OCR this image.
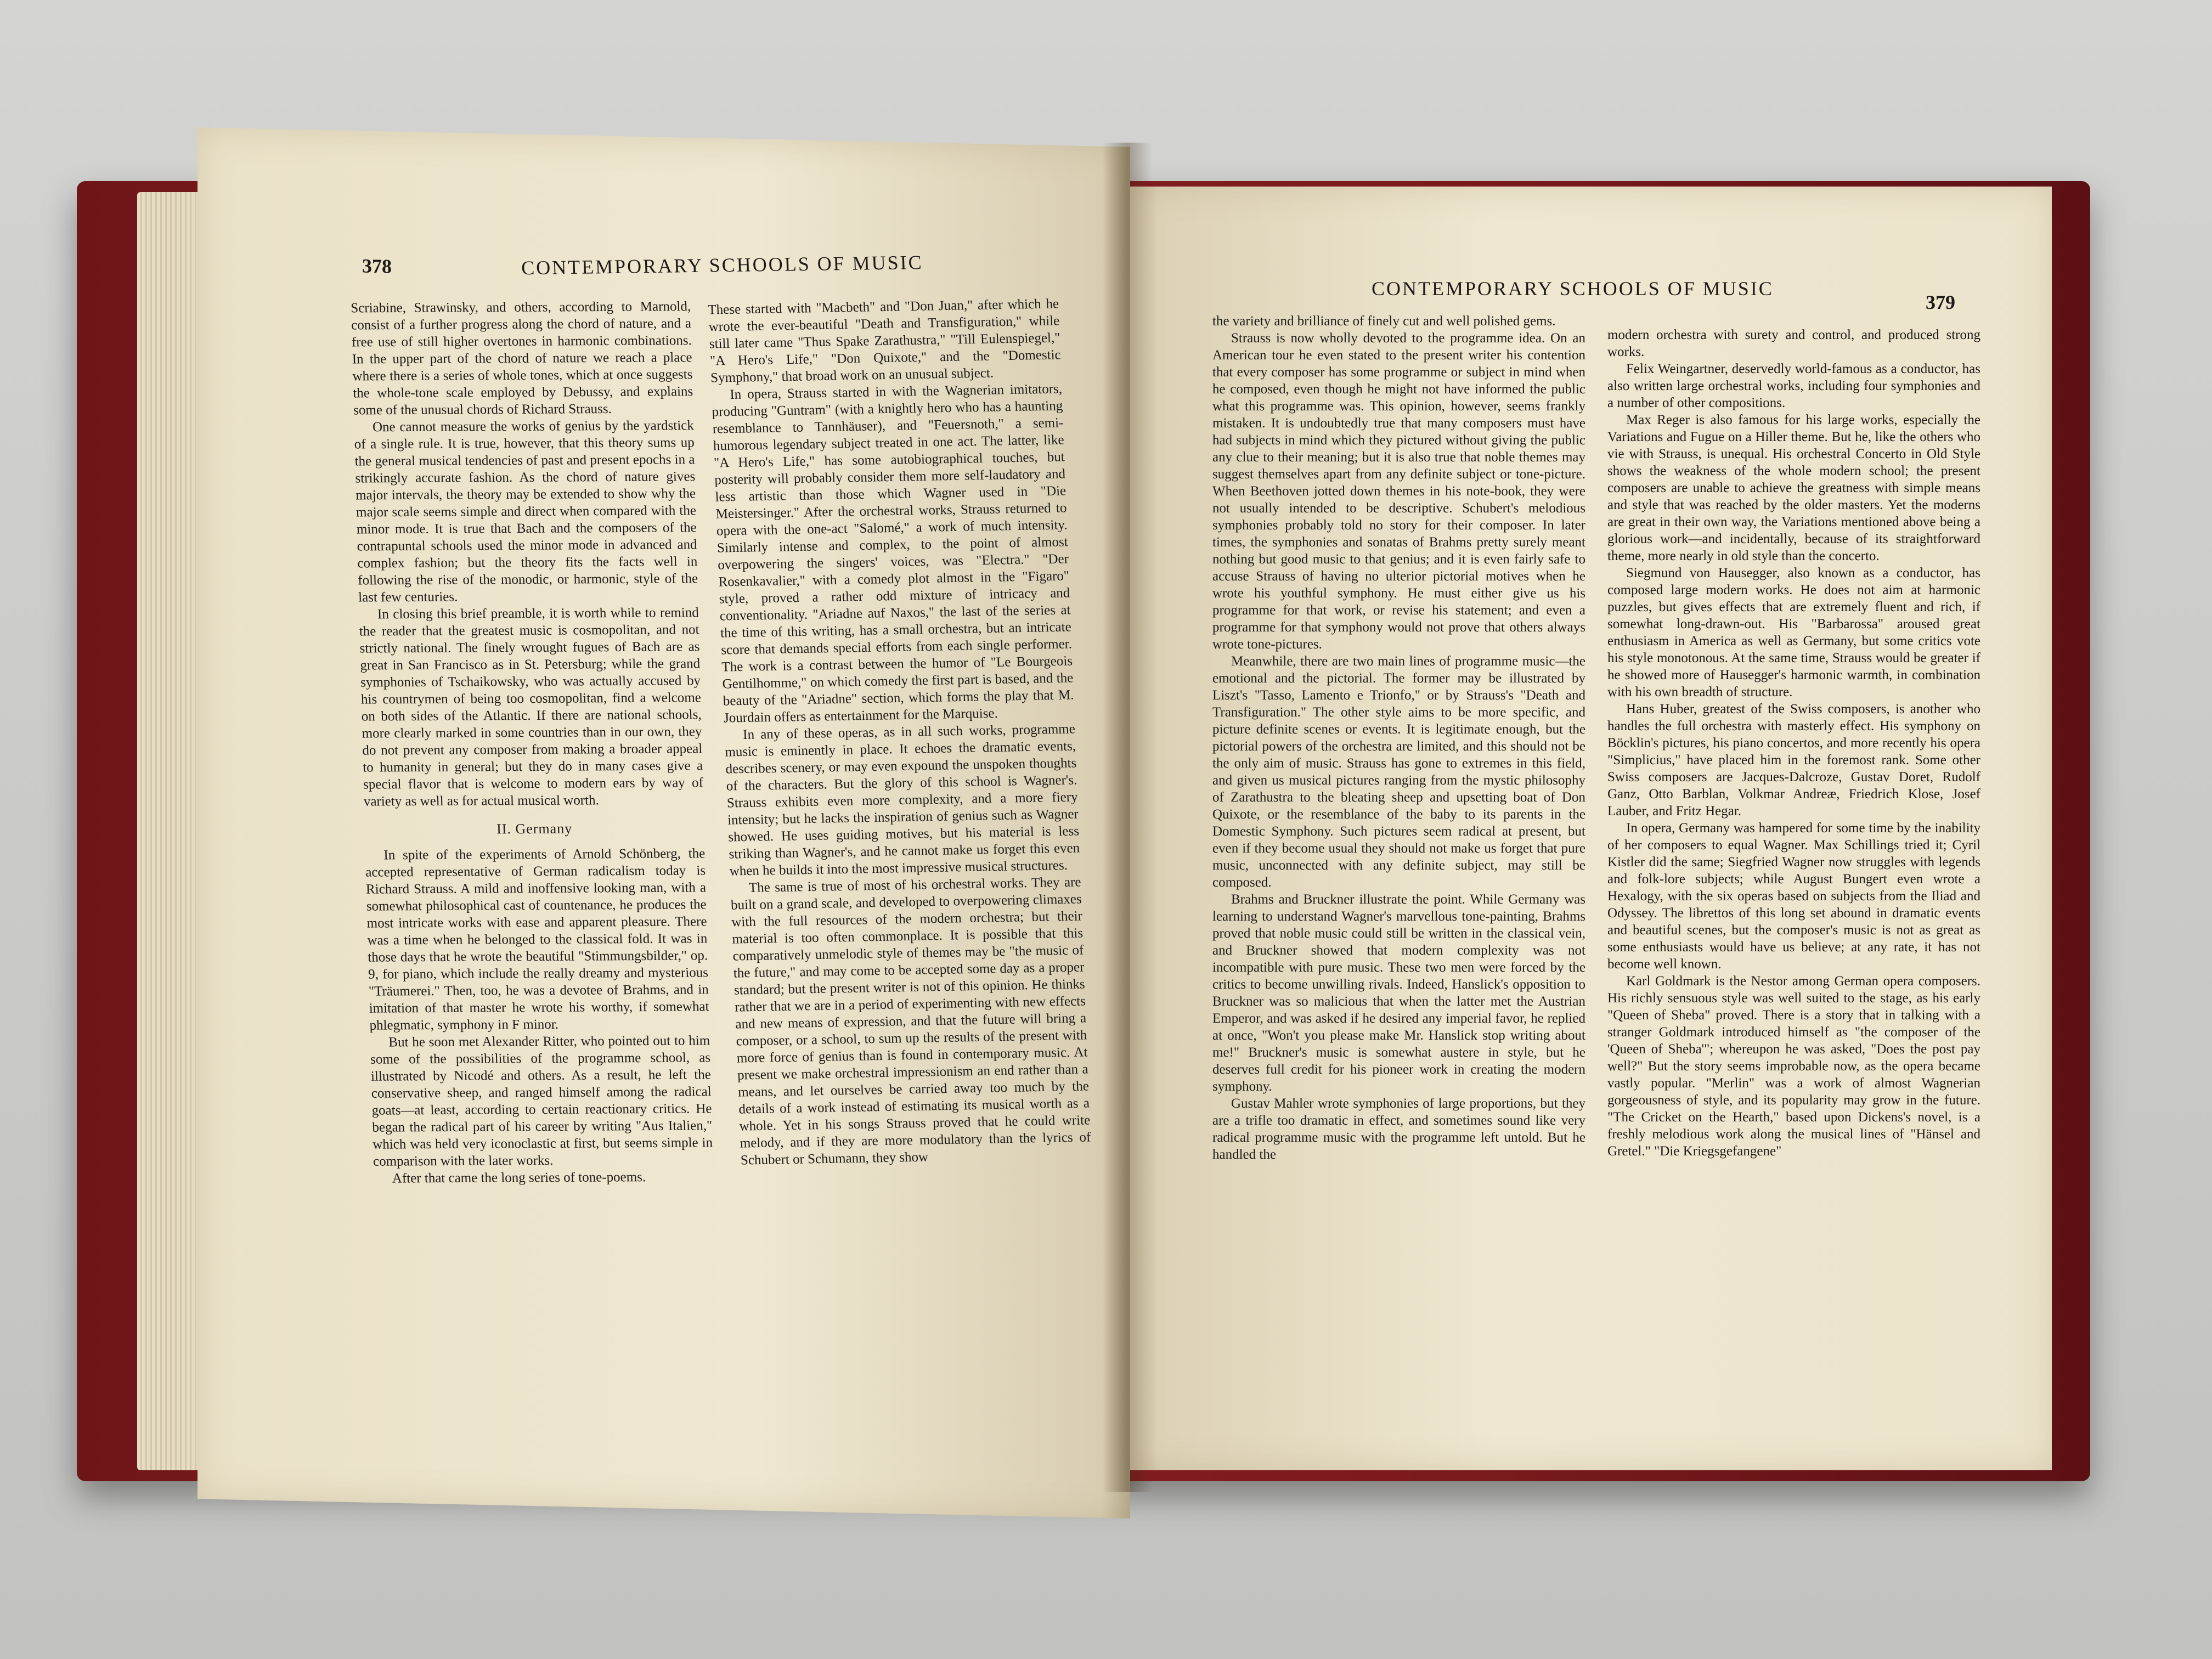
378	CONTEMPORARY SCHOOLS OF MUSIC

Scriabine, Strawinsky, and others, according to Marnold, consist of a further progress along the chord of nature, and a free use of still higher overtones in harmonic combinations. In the upper part of the chord of nature we reach a place where there is a series of whole tones, which at once suggests the whole-tone scale employed by Debussy, and explains some of the unusual chords of Richard Strauss.

One cannot measure the works of genius by the yardstick of a single rule. It is true, however, that this theory sums up the general musical tendencies of past and present epochs in a strikingly accurate fashion. As the chord of nature gives major intervals, the theory may be extended to show why the major scale seems simple and direct when compared with the minor mode. It is true that Bach and the composers of the contrapuntal schools used the minor mode in advanced and complex fashion; but the theory fits the facts well in following the rise of the monodic, or harmonic, style of the last few centuries.

In closing this brief preamble, it is worth while to remind the reader that the greatest music is cosmopolitan, and not strictly national. The finely wrought fugues of Bach are as great in San Francisco as in St. Petersburg; while the grand symphonies of Tschaikowsky, who was actually accused by his countrymen of being too cosmopolitan, find a welcome on both sides of the Atlantic. If there are national schools, more clearly marked in some countries than in our own, they do not prevent any composer from making a broader appeal to humanity in general; but they do in many cases give a special flavor that is welcome to modern ears by way of variety as well as for actual musical worth.

II. Germany

In spite of the experiments of Arnold Schönberg, the accepted representative of German radicalism today is Richard Strauss. A mild and inoffensive looking man, with a somewhat philosophical cast of countenance, he produces the most intricate works with ease and apparent pleasure. There was a time when he belonged to the classical fold. It was in those days that he wrote the beautiful "Stimmungsbilder," op. 9, for piano, which include the really dreamy and mysterious "Träumerei." Then, too, he was a devotee of Brahms, and in imitation of that master he wrote his worthy, if somewhat phlegmatic, symphony in F minor.

But he soon met Alexander Ritter, who pointed out to him some of the possibilities of the programme school, as illustrated by Nicodé and others. As a result, he left the conservative sheep, and ranged himself among the radical goats—at least, according to certain reactionary critics. He began the radical part of his career by writing "Aus Italien," which was held very iconoclastic at first, but seems simple in comparison with the later works.

After that came the long series of tone-poems.

These started with "Macbeth" and "Don Juan," after which he wrote the ever-beautiful "Death and Transfiguration," while still later came "Thus Spake Zarathustra," "Till Eulenspiegel," "A Hero's Life," "Don Quixote," and the "Domestic Symphony," that broad work on an unusual subject.

In opera, Strauss started in with the Wagnerian imitators, producing "Guntram" (with a knightly hero who has a haunting resemblance to Tannhäuser), and "Feuersnoth," a semi-humorous legendary subject treated in one act. The latter, like "A Hero's Life," has some autobiographical touches, but posterity will probably consider them more self-laudatory and less artistic than those which Wagner used in "Die Meistersinger." After the orchestral works, Strauss returned to opera with the one-act "Salomé," a work of much intensity. Similarly intense and complex, to the point of almost overpowering the singers' voices, was "Electra." "Der Rosenkavalier," with a comedy plot almost in the "Figaro" style, proved a rather odd mixture of intricacy and conventionality. "Ariadne auf Naxos," the last of the series at the time of this writing, has a small orchestra, but an intricate score that demands special efforts from each single performer. The work is a contrast between the humor of "Le Bourgeois Gentilhomme," on which comedy the first part is based, and the beauty of the "Ariadne" section, which forms the play that M. Jourdain offers as entertainment for the Marquise.

In any of these operas, as in all such works, programme music is eminently in place. It echoes the dramatic events, describes scenery, or may even expound the unspoken thoughts of the characters. But the glory of this school is Wagner's. Strauss exhibits even more complexity, and a more fiery intensity; but he lacks the inspiration of genius such as Wagner showed. He uses guiding motives, but his material is less striking than Wagner's, and he cannot make us forget this even when he builds it into the most impressive musical structures.

The same is true of most of his orchestral works. They are built on a grand scale, and developed to overpowering climaxes with the full resources of the modern orchestra; but their material is too often commonplace. It is possible that this comparatively unmelodic style of themes may be "the music of the future," and may come to be accepted some day as a proper standard; but the present writer is not of this opinion. He thinks rather that we are in a period of experimenting with new effects and new means of expression, and that the future will bring a composer, or a school, to sum up the results of the present with more force of genius than is found in contemporary music. At present we make orchestral impressionism an end rather than a means, and let ourselves be carried away too much by the details of a work instead of estimating its musical worth as a whole. Yet in his songs Strauss proved that he could write melody, and if they are more modulatory than the lyrics of Schubert or Schumann, they show

CONTEMPORARY SCHOOLS OF MUSIC
379

the variety and brilliance of finely cut and well polished gems.

Strauss is now wholly devoted to the programme idea. On an American tour he even stated to the present writer his contention that every composer has some programme or subject in mind when he composed, even though he might not have informed the public what this programme was. This opinion, however, seems frankly mistaken. It is undoubtedly true that many composers must have had subjects in mind which they pictured without giving the public any clue to their meaning; but it is also true that noble themes may suggest themselves apart from any definite subject or tone-picture. When Beethoven jotted down themes in his note-book, they were not usually intended to be descriptive. Schubert's melodious symphonies probably told no story for their composer. In later times, the symphonies and sonatas of Brahms pretty surely meant nothing but good music to that genius; and it is even fairly safe to accuse Strauss of having no ulterior pictorial motives when he wrote his youthful symphony. He must either give us his programme for that work, or revise his statement; and even a programme for that symphony would not prove that others always wrote tone-pictures.

Meanwhile, there are two main lines of programme music—the emotional and the pictorial. The former may be illustrated by Liszt's "Tasso, Lamento e Trionfo," or by Strauss's "Death and Transfiguration." The other style aims to be more specific, and picture definite scenes or events. It is legitimate enough, but the pictorial powers of the orchestra are limited, and this should not be the only aim of music. Strauss has gone to extremes in this field, and given us musical pictures ranging from the mystic philosophy of Zarathustra to the bleating sheep and upsetting boat of Don Quixote, or the resemblance of the baby to its parents in the Domestic Symphony. Such pictures seem radical at present, but even if they become usual they should not make us forget that pure music, unconnected with any definite subject, may still be composed.

Brahms and Bruckner illustrate the point. While Germany was learning to understand Wagner's marvellous tone-painting, Brahms proved that noble music could still be written in the classical vein, and Bruckner showed that modern complexity was not incompatible with pure music. These two men were forced by the critics to become unwilling rivals. Indeed, Hanslick's opposition to Bruckner was so malicious that when the latter met the Austrian Emperor, and was asked if he desired any imperial favor, he replied at once, "Won't you please make Mr. Hanslick stop writing about me!" Bruckner's music is somewhat austere in style, but he deserves full credit for his pioneer work in creating the modern symphony.

Gustav Mahler wrote symphonies of large proportions, but they are a trifle too dramatic in effect, and sometimes sound like very radical programme music with the programme left untold. But he handled the

modern orchestra with surety and control, and produced strong works.

Felix Weingartner, deservedly world-famous as a conductor, has also written large orchestral works, including four symphonies and a number of other compositions.

Max Reger is also famous for his large works, especially the Variations and Fugue on a Hiller theme. But he, like the others who vie with Strauss, is unequal. His orchestral Concerto in Old Style shows the weakness of the whole modern school; the present composers are unable to achieve the greatness with simple means and style that was reached by the older masters. Yet the moderns are great in their own way, the Variations mentioned above being a glorious work—and incidentally, because of its straightforward theme, more nearly in old style than the concerto.

Siegmund von Hausegger, also known as a conductor, has composed large modern works. He does not aim at harmonic puzzles, but gives effects that are extremely fluent and rich, if somewhat long-drawn-out. His "Barbarossa" aroused great enthusiasm in America as well as Germany, but some critics vote his style monotonous. At the same time, Strauss would be greater if he showed more of Hausegger's harmonic warmth, in combination with his own breadth of structure.

Hans Huber, greatest of the Swiss composers, is another who handles the full orchestra with masterly effect. His symphony on Böcklin's pictures, his piano concertos, and more recently his opera "Simplicius," have placed him in the foremost rank. Some other Swiss composers are Jacques-Dalcroze, Gustav Doret, Rudolf Ganz, Otto Barblan, Volkmar Andreæ, Friedrich Klose, Josef Lauber, and Fritz Hegar.

In opera, Germany was hampered for some time by the inability of her composers to equal Wagner. Max Schillings tried it; Cyril Kistler did the same; Siegfried Wagner now struggles with legends and folk-lore subjects; while August Bungert even wrote a Hexalogy, with the six operas based on subjects from the Iliad and Odyssey. The librettos of this long set abound in dramatic events and beautiful scenes, but the composer's music is not as great as some enthusiasts would have us believe; at any rate, it has not become well known.

Karl Goldmark is the Nestor among German opera composers. His richly sensuous style was well suited to the stage, as his early "Queen of Sheba" proved. There is a story that in talking with a stranger Goldmark introduced himself as "the composer of the 'Queen of Sheba'"; whereupon he was asked, "Does the post pay well?" But the story seems improbable now, as the opera became vastly popular. "Merlin" was a work of almost Wagnerian gorgeousness of style, and its popularity may grow in the future. "The Cricket on the Hearth," based upon Dickens's novel, is a freshly melodious work along the musical lines of "Hänsel and Gretel." "Die Kriegsgefangene"
